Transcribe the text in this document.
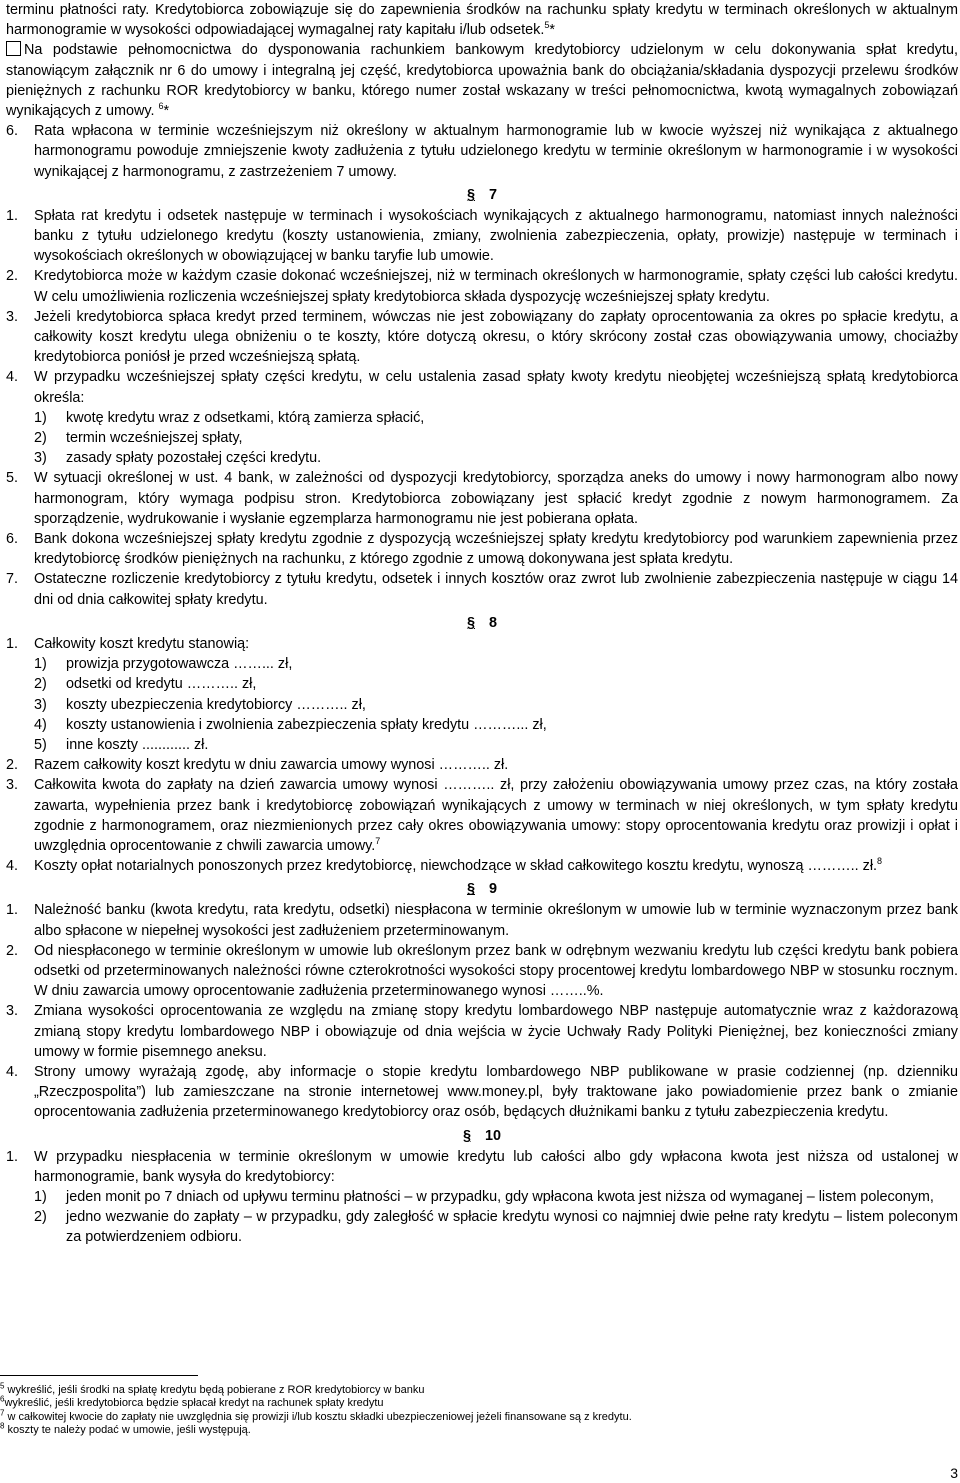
terminu płatności raty. Kredytobiorca zobowiązuje się do zapewnienia środków na rachunku spłaty kredytu w terminach określonych w aktualnym harmonogramie w wysokości odpowiadającej wymagalnej raty kapitału i/lub odsetek.$^5$*

Na podstawie pełnomocnictwa do dysponowania rachunkiem bankowym kredytobiorcy udzielonym w celu dokonywania spłat kredytu, stanowiącym załącznik nr 6 do umowy i integralną jej część, kredytobiorca upoważnia bank do obciążania/składania dyspozycji przelewu środków pieniężnych z rachunku ROR kredytobiorcy w banku, którego numer został wskazany w treści pełnomocnictwa, kwotą wymagalnych zobowiązań wynikających z umowy. $^6$*

6.	Rata wpłacona w terminie wcześniejszym niż określony w aktualnym harmonogramie lub w kwocie wyższej niż wynikająca z aktualnego harmonogramu powoduje zmniejszenie kwoty zadłużenia z tytułu udzielonego kredytu w terminie określonym w harmonogramie i w wysokości wynikającej z harmonogramu, z zastrzeżeniem 7 umowy.
§ 7
1.	Spłata rat kredytu i odsetek następuje w terminach i wysokościach wynikających z aktualnego harmonogramu, natomiast innych należności banku z tytułu udzielonego kredytu (koszty ustanowienia, zmiany, zwolnienia zabezpieczenia, opłaty, prowizje) następuje w terminach i wysokościach określonych w obowiązującej w banku taryfie lub umowie.
2.	Kredytobiorca może w każdym czasie dokonać wcześniejszej, niż w terminach określonych w harmonogramie, spłaty części lub całości kredytu. W celu umożliwienia rozliczenia wcześniejszej spłaty kredytobiorca składa dyspozycję wcześniejszej spłaty kredytu.
3.	Jeżeli kredytobiorca spłaca kredyt przed terminem, wówczas nie jest zobowiązany do zapłaty oprocentowania za okres po spłacie kredytu, a całkowity koszt kredytu ulega obniżeniu o te koszty, które dotyczą okresu, o który skrócony został czas obowiązywania umowy, chociażby kredytobiorca poniósł je przed wcześniejszą spłatą.
4.	W przypadku wcześniejszej spłaty części kredytu, w celu ustalenia zasad spłaty kwoty kredytu nieobjętej wcześniejszą spłatą kredytobiorca określa:
1)	kwotę kredytu wraz z odsetkami, którą zamierza spłacić,
2)	termin wcześniejszej spłaty,
3)	zasady spłaty pozostałej części kredytu.
5.	W sytuacji określonej w ust. 4 bank, w zależności od dyspozycji kredytobiorcy, sporządza aneks do umowy i nowy harmonogram albo nowy harmonogram, który wymaga podpisu stron. Kredytobiorca zobowiązany jest spłacić kredyt zgodnie z nowym harmonogramem. Za sporządzenie, wydrukowanie i wysłanie egzemplarza harmonogramu nie jest pobierana opłata.
6.	Bank dokona wcześniejszej spłaty kredytu zgodnie z dyspozycją wcześniejszej spłaty kredytu kredytobiorcy pod warunkiem zapewnienia przez kredytobiorcę środków pieniężnych na rachunku, z którego zgodnie z umową dokonywana jest spłata kredytu.
7.	Ostateczne rozliczenie kredytobiorcy z tytułu kredytu, odsetek i innych kosztów oraz zwrot lub zwolnienie zabezpieczenia następuje w ciągu 14 dni od dnia całkowitej spłaty kredytu.
§ 8
1.	Całkowity koszt kredytu stanowią:
1)	prowizja przygotowawcza ……... zł,
2)	odsetki od kredytu ……….. zł,
3)	koszty ubezpieczenia kredytobiorcy ……….. zł,
4)	koszty ustanowienia i zwolnienia zabezpieczenia spłaty kredytu ………... zł,
5)	inne koszty ............ zł.
2.	Razem całkowity koszt kredytu w dniu zawarcia umowy wynosi ……….. zł.
3.	Całkowita kwota do zapłaty na dzień zawarcia umowy wynosi ……….. zł, przy założeniu obowiązywania umowy przez czas, na który została zawarta, wypełnienia przez bank i kredytobiorcę zobowiązań wynikających z umowy w terminach w niej określonych, w tym spłaty kredytu zgodnie z harmonogramem, oraz niezmienionych przez cały okres obowiązywania umowy: stopy oprocentowania kredytu oraz prowizji i opłat i uwzględnia oprocentowanie z chwili zawarcia umowy.$^7$
4.	Koszty opłat notarialnych ponoszonych przez kredytobiorcę, niewchodzące w skład całkowitego kosztu kredytu, wynoszą ……….. zł.$^8$
§ 9
1.	Należność banku (kwota kredytu, rata kredytu, odsetki) niespłacona w terminie określonym w umowie lub w terminie wyznaczonym przez bank albo spłacone w niepełnej wysokości jest zadłużeniem przeterminowanym.
2.	Od niespłaconego w terminie określonym w umowie lub określonym przez bank w odrębnym wezwaniu kredytu lub części kredytu bank pobiera odsetki od przeterminowanych należności równe czterokrotności wysokości stopy procentowej kredytu lombardowego NBP w stosunku rocznym. W dniu zawarcia umowy oprocentowanie zadłużenia przeterminowanego wynosi ……..%.
3.	Zmiana wysokości oprocentowania ze względu na zmianę stopy kredytu lombardowego NBP następuje automatycznie wraz z każdorazową zmianą stopy kredytu lombardowego NBP i obowiązuje od dnia wejścia w życie Uchwały Rady Polityki Pieniężnej, bez konieczności zmiany umowy w formie pisemnego aneksu.
4.	Strony umowy wyrażają zgodę, aby informacje o stopie kredytu lombardowego NBP publikowane w prasie codziennej (np. dzienniku „Rzeczpospolita”) lub zamieszczane na stronie internetowej www.money.pl, były traktowane jako powiadomienie przez bank o zmianie oprocentowania zadłużenia przeterminowanego kredytobiorcy oraz osób, będących dłużnikami banku z tytułu zabezpieczenia kredytu.
§ 10
1.	W przypadku niespłacenia w terminie określonym w umowie kredytu lub całości albo gdy wpłacona kwota jest niższa od ustalonej w harmonogramie, bank wysyła do kredytobiorcy:
1)	jeden monit po 7 dniach od upływu terminu płatności – w przypadku, gdy wpłacona kwota jest niższa od wymaganej – listem poleconym,
2)	jedno wezwanie do zapłaty – w przypadku, gdy zaległość w spłacie kredytu wynosi co najmniej dwie pełne raty kredytu – listem poleconym za potwierdzeniem odbioru.
$^5$ wykreślić, jeśli środki na spłatę kredytu będą pobierane z ROR kredytobiorcy w banku
$^6$wykreślić, jeśli kredytobiorca będzie spłacał kredyt na rachunek spłaty kredytu
$^7$ w całkowitej kwocie do zapłaty nie uwzględnia się prowizji i/lub kosztu składki ubezpieczeniowej jeżeli finansowane są z kredytu.
$^8$ koszty te należy podać w umowie, jeśli występują.
3
